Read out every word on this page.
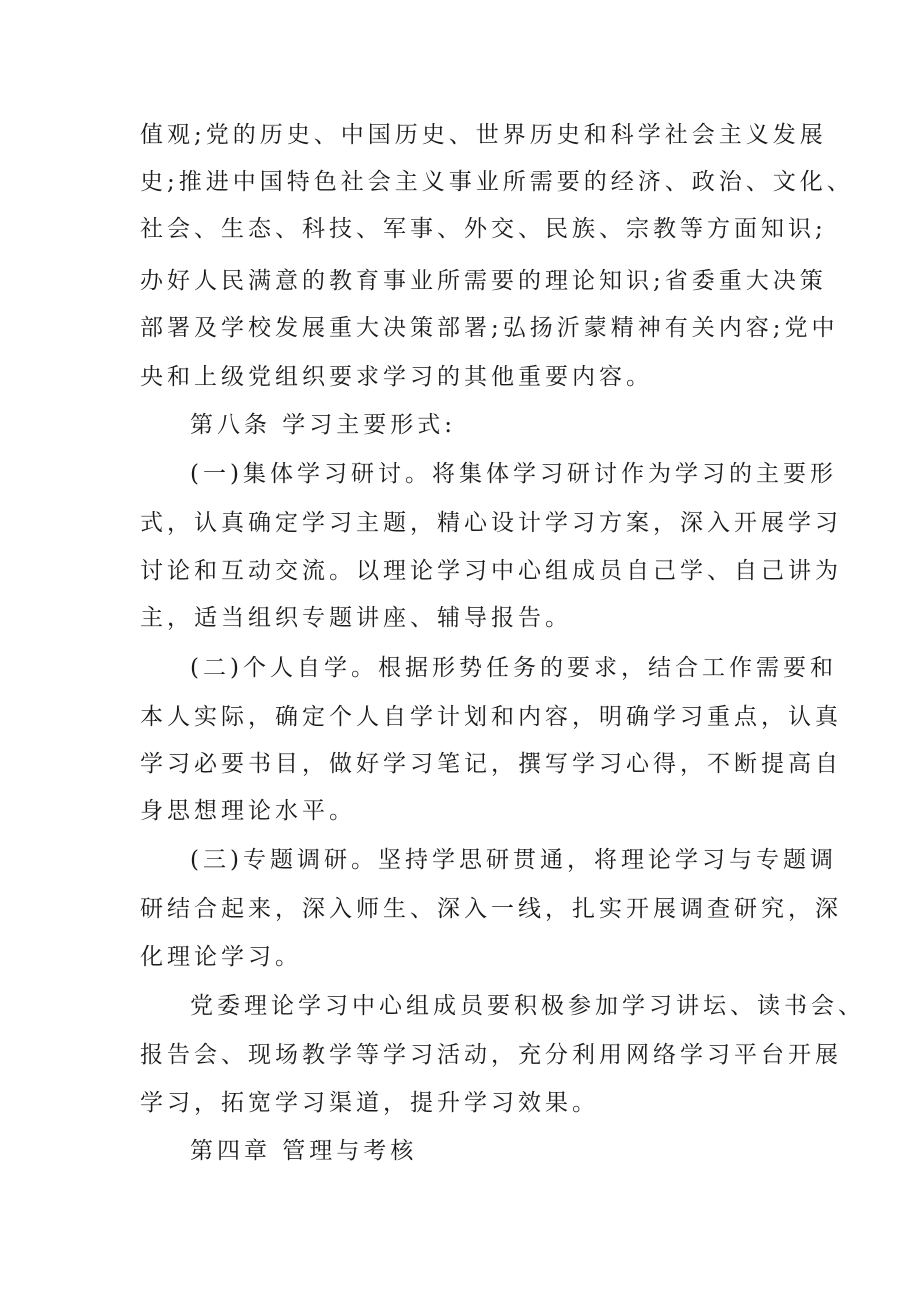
值观;党的历史、中国历史、世界历史和科学社会主义发展
史;推进中国特色社会主义事业所需要的经济、政治、文化、
社会、生态、科技、军事、外交、民族、宗教等方面知识;
办好人民满意的教育事业所需要的理论知识;省委重大决策
部署及学校发展重大决策部署;弘扬沂蒙精神有关内容;党中
央和上级党组织要求学习的其他重要内容。
第八条 学习主要形式:
(一)集体学习研讨。将集体学习研讨作为学习的主要形
式，认真确定学习主题，精心设计学习方案，深入开展学习
讨论和互动交流。以理论学习中心组成员自己学、自己讲为
主，适当组织专题讲座、辅导报告。
(二)个人自学。根据形势任务的要求，结合工作需要和
本人实际，确定个人自学计划和内容，明确学习重点，认真
学习必要书目，做好学习笔记，撰写学习心得，不断提高自
身思想理论水平。
(三)专题调研。坚持学思研贯通，将理论学习与专题调
研结合起来，深入师生、深入一线，扎实开展调查研究，深
化理论学习。
党委理论学习中心组成员要积极参加学习讲坛、读书会、
报告会、现场教学等学习活动，充分利用网络学习平台开展
学习，拓宽学习渠道，提升学习效果。
第四章 管理与考核
